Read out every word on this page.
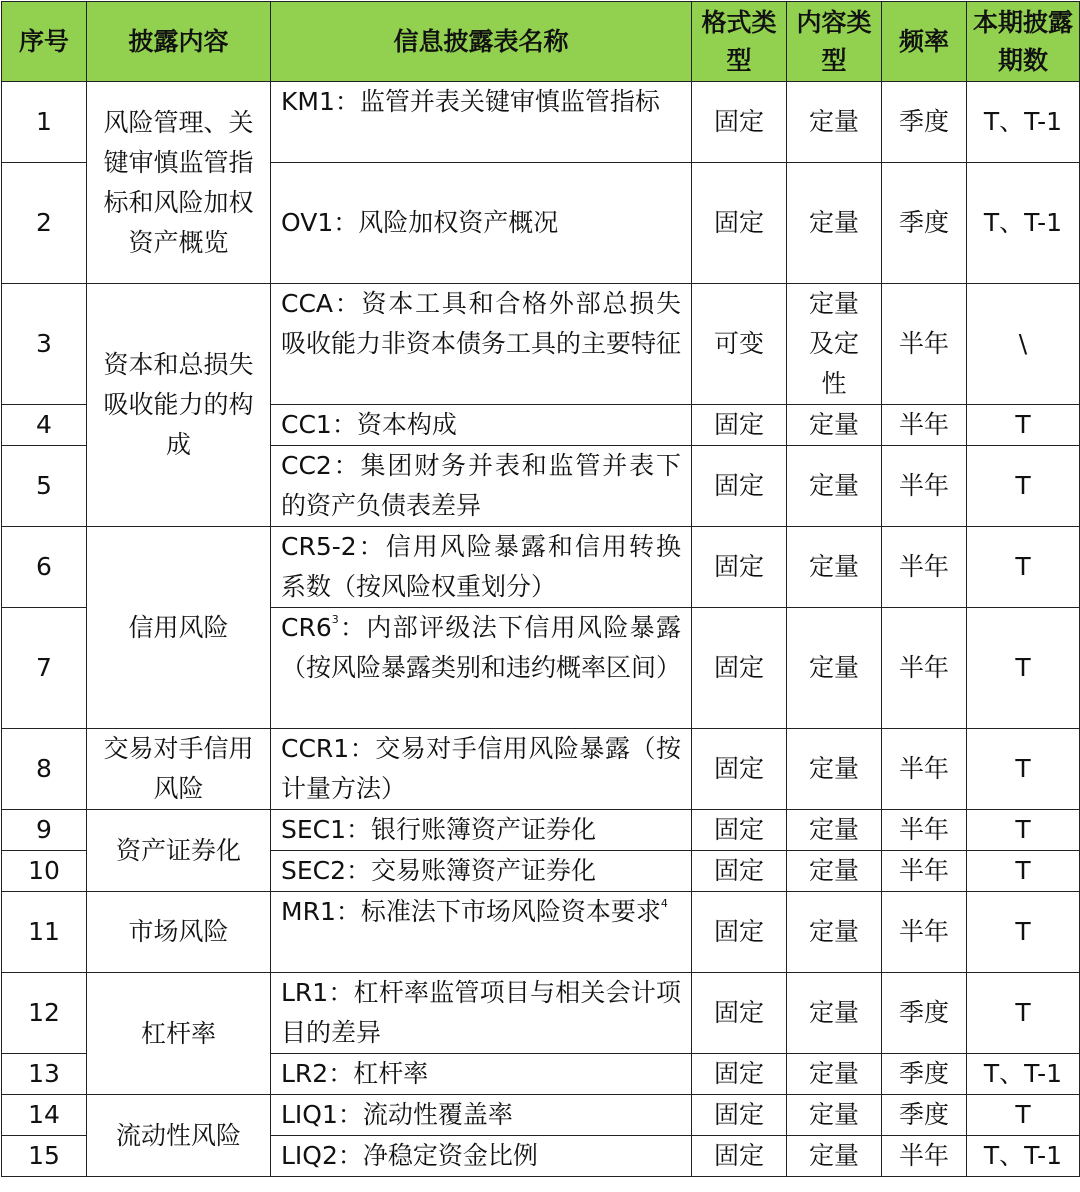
序号	披露内容	信息披露表名称	格式类型	内容类型	频率	本期披露期数
1	风险管理、关键审慎监管指标和风险加权资产概览	KM1：监管并表关键审慎监管指标	固定	定量	季度	T、T-1
2		OV1：风险加权资产概况	固定	定量	季度	T、T-1
3	资本和总损失吸收能力的构成	CCA：资本工具和合格外部总损失吸收能力非资本债务工具的主要特征	可变	定量及定性	半年	\
4		CC1：资本构成	固定	定量	半年	T
5		CC2：集团财务并表和监管并表下的资产负债表差异	固定	定量	半年	T
6	信用风险	CR5-2：信用风险暴露和信用转换系数（按风险权重划分）	固定	定量	半年	T
7		$CR6^3$：内部评级法下信用风险暴露（按风险暴露类别和违约概率区间）	固定	定量	半年	T
8	交易对手信用风险	CCR1：交易对手信用风险暴露（按计量方法）	固定	定量	半年	T
9	资产证券化	SEC1：银行账簿资产证券化	固定	定量	半年	T
10		SEC2：交易账簿资产证券化	固定	定量	半年	T
11	市场风险	MR1：标准法下市场风险资本要求$^4$	固定	定量	半年	T
12	杠杆率	LR1：杠杆率监管项目与相关会计项目的差异	固定	定量	季度	T
13		LR2：杠杆率	固定	定量	季度	T、T-1
14	流动性风险	LIQ1：流动性覆盖率	固定	定量	季度	T
15		LIQ2：净稳定资金比例	固定	定量	半年	T、T-1
